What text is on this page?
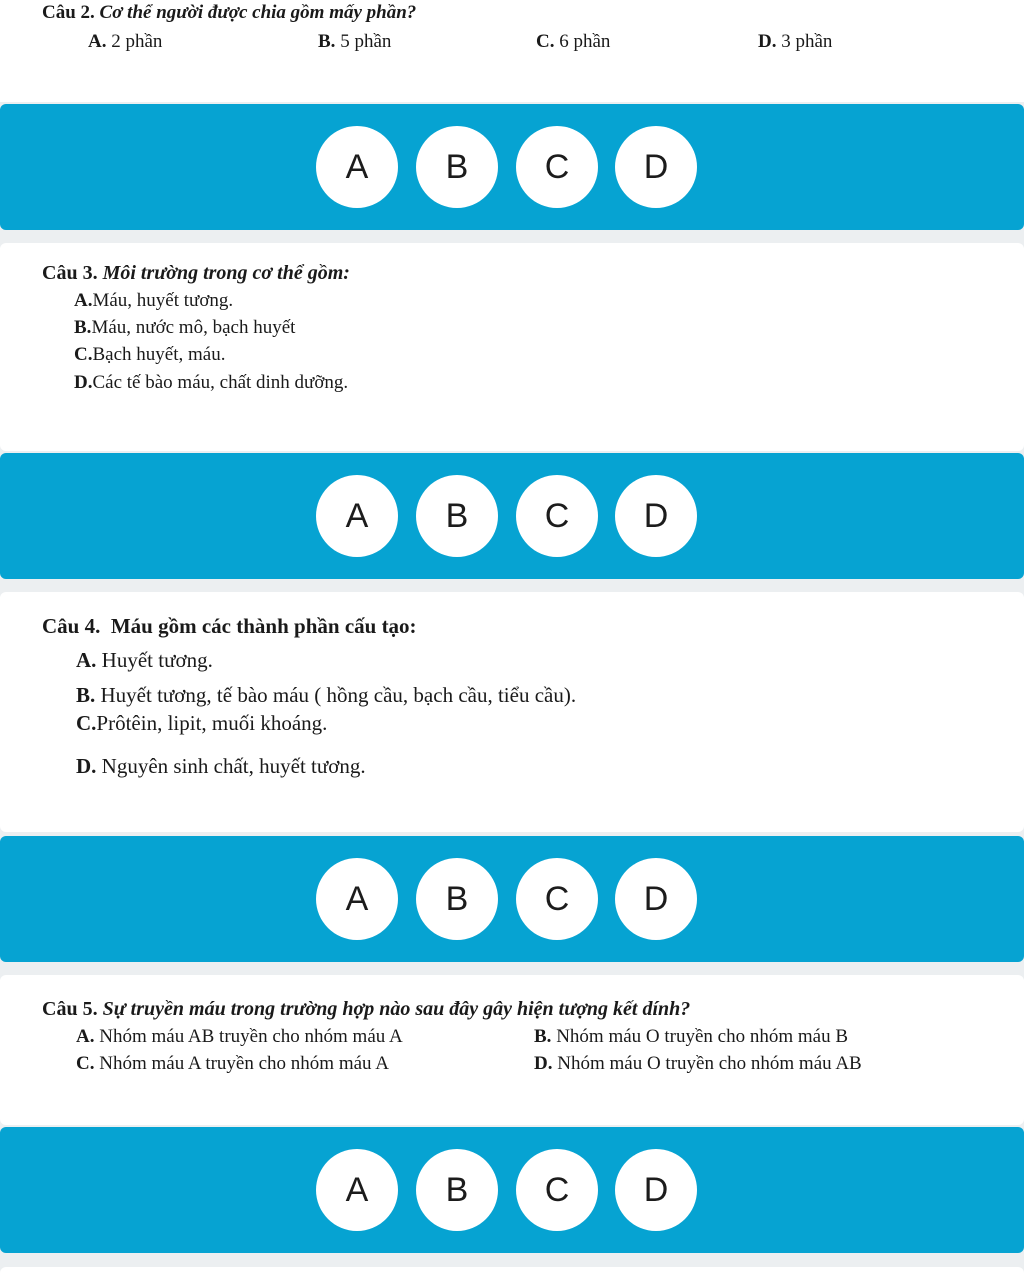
Câu 2. Cơ thể người được chia gồm mấy phần?

A. 2 phần	B. 5 phần	C. 6 phần	D. 3 phần
A	B	C	D

Câu 3. Môi trường trong cơ thể gồm:

A.Máu, huyết tương.
B.Máu, nước mô, bạch huyết
C.Bạch huyết, máu.
D.Các tế bào máu, chất dinh dưỡng.
A	B	C	D

Câu 4. Máu gồm các thành phần cấu tạo:

A. Huyết tương.
B. Huyết tương, tế bào máu ( hồng cầu, bạch cầu, tiểu cầu).
C.Prôtêin, lipit, muối khoáng.
D. Nguyên sinh chất, huyết tương.
A	B	C	D

Câu 5. Sự truyền máu trong trường hợp nào sau đây gây hiện tượng kết dính?

A. Nhóm máu AB truyền cho nhóm máu A	B. Nhóm máu O truyền cho nhóm máu B
C. Nhóm máu A truyền cho nhóm máu A	D. Nhóm máu O truyền cho nhóm máu AB
A	B	C	D
